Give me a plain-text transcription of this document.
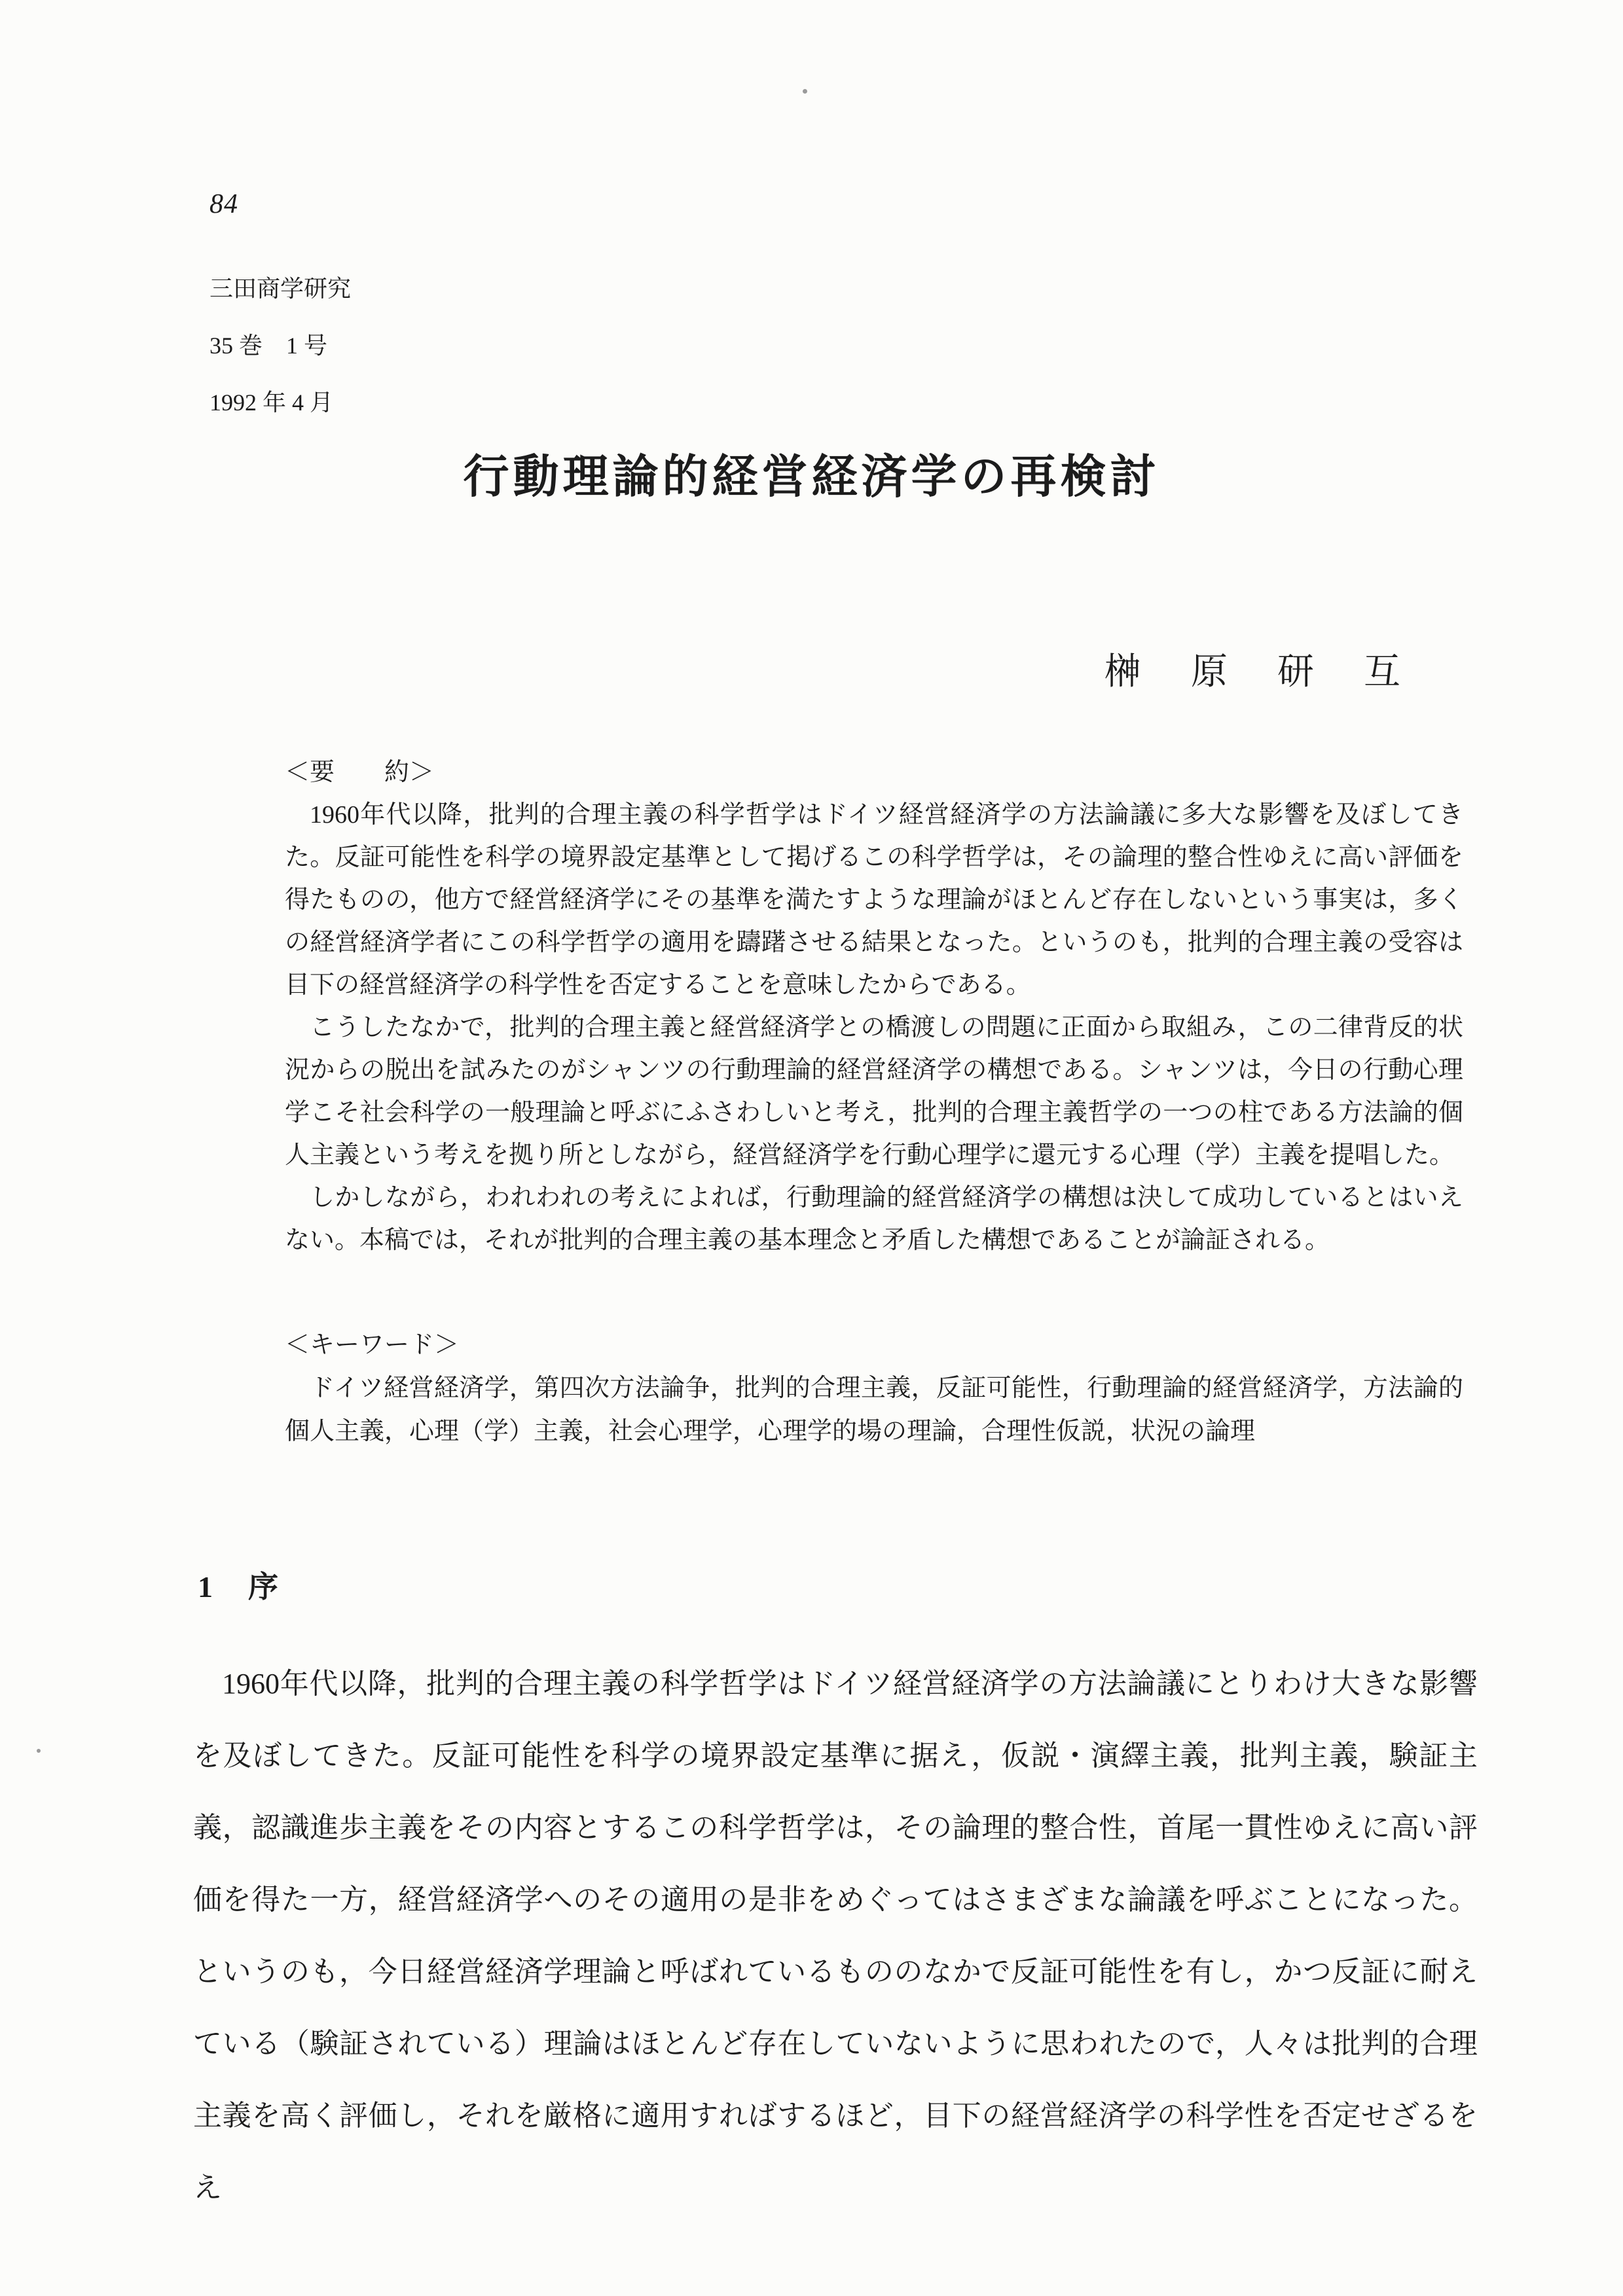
84
三田商学研究
35 巻　1 号
1992 年 4 月
行動理論的経営経済学の再検討
榊　原　研　互
＜要　　約＞

1960年代以降，批判的合理主義の科学哲学はドイツ経営経済学の方法論議に多大な影響を及ぼしてきた。反証可能性を科学の境界設定基準として掲げるこの科学哲学は，その論理的整合性ゆえに高い評価を得たものの，他方で経営経済学にその基準を満たすような理論がほとんど存在しないという事実は，多くの経営経済学者にこの科学哲学の適用を躊躇させる結果となった。というのも，批判的合理主義の受容は目下の経営経済学の科学性を否定することを意味したからである。

こうしたなかで，批判的合理主義と経営経済学との橋渡しの問題に正面から取組み，この二律背反的状況からの脱出を試みたのがシャンツの行動理論的経営経済学の構想である。シャンツは，今日の行動心理学こそ社会科学の一般理論と呼ぶにふさわしいと考え，批判的合理主義哲学の一つの柱である方法論的個人主義という考えを拠り所としながら，経営経済学を行動心理学に還元する心理（学）主義を提唱した。

しかしながら，われわれの考えによれば，行動理論的経営経済学の構想は決して成功しているとはいえない。本稿では，それが批判的合理主義の基本理念と矛盾した構想であることが論証される。

＜キーワード＞

ドイツ経営経済学，第四次方法論争，批判的合理主義，反証可能性，行動理論的経営経済学，方法論的個人主義，心理（学）主義，社会心理学，心理学的場の理論，合理性仮説，状況の論理

1　序

1960年代以降，批判的合理主義の科学哲学はドイツ経営経済学の方法論議にとりわけ大きな影響を及ぼしてきた。反証可能性を科学の境界設定基準に据え，仮説・演繹主義，批判主義，験証主義，認識進歩主義をその内容とするこの科学哲学は，その論理的整合性，首尾一貫性ゆえに高い評価を得た一方，経営経済学へのその適用の是非をめぐってはさまざまな論議を呼ぶことになった。というのも，今日経営経済学理論と呼ばれているもののなかで反証可能性を有し，かつ反証に耐えている（験証されている）理論はほとんど存在していないように思われたので，人々は批判的合理主義を高く評価し，それを厳格に適用すればするほど，目下の経営経済学の科学性を否定せざるをえ
